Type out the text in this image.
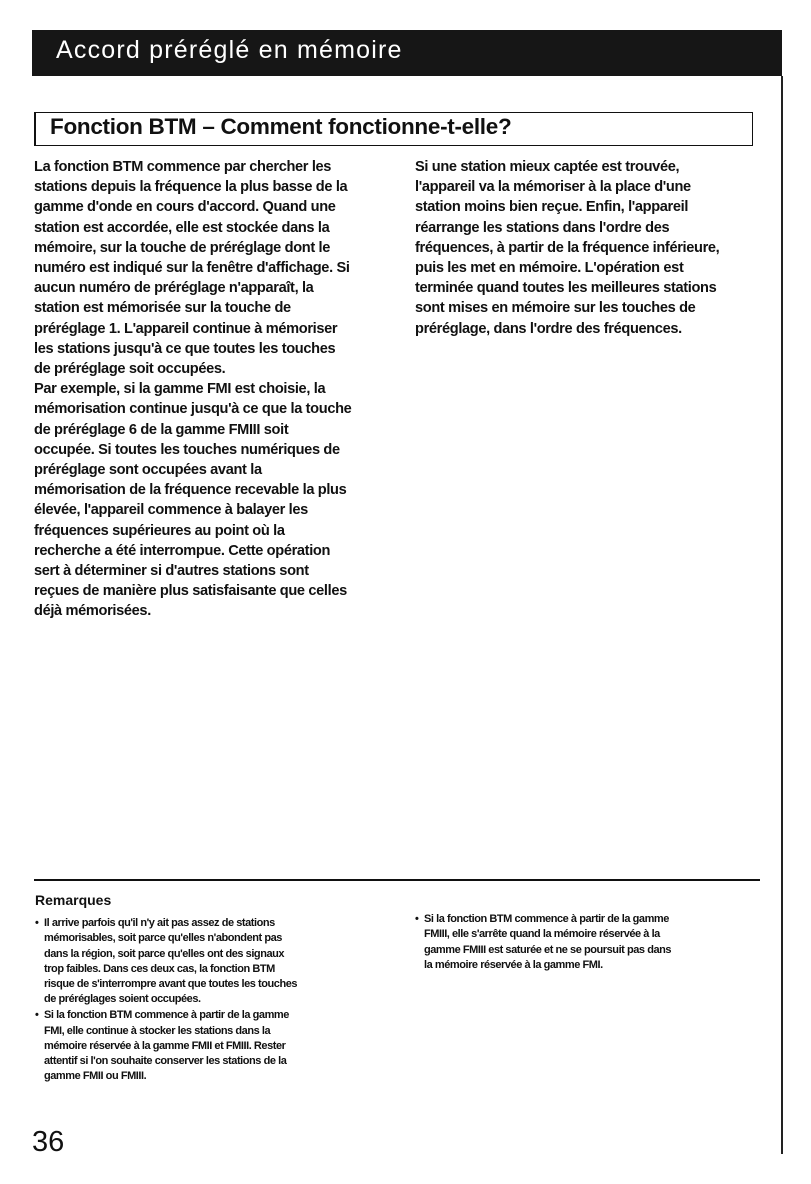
Accord préréglé en mémoire
Fonction BTM – Comment fonctionne-t-elle?

La fonction BTM commence par chercher les

stations depuis la fréquence la plus basse de la

gamme d'onde en cours d'accord. Quand une

station est accordée, elle est stockée dans la

mémoire, sur la touche de préréglage dont le

numéro est indiqué sur la fenêtre d'affichage. Si

aucun numéro de préréglage n'apparaît, la

station est mémorisée sur la touche de

préréglage 1. L'appareil continue à mémoriser

les stations jusqu'à ce que toutes les touches

de préréglage soit occupées.

Par exemple, si la gamme FMI est choisie, la

mémorisation continue jusqu'à ce que la touche

de préréglage 6 de la gamme FMIII soit

occupée. Si toutes les touches numériques de

préréglage sont occupées avant la

mémorisation de la fréquence recevable la plus

élevée, l'appareil commence à balayer les

fréquences supérieures au point où la

recherche a été interrompue. Cette opération

sert à déterminer si d'autres stations sont

reçues de manière plus satisfaisante que celles

déjà mémorisées.

Si une station mieux captée est trouvée,

l'appareil va la mémoriser à la place d'une

station moins bien reçue. Enfin, l'appareil

réarrange les stations dans l'ordre des

fréquences, à partir de la fréquence inférieure,

puis les met en mémoire. L'opération est

terminée quand toutes les meilleures stations

sont mises en mémoire sur les touches de

préréglage, dans l'ordre des fréquences.

Remarques
• Il arrive parfois qu'il n'y ait pas assez de stations

mémorisables, soit parce qu'elles n'abondent pas

dans la région, soit parce qu'elles ont des signaux

trop faibles. Dans ces deux cas, la fonction BTM

risque de s'interrompre avant que toutes les touches

de préréglages soient occupées.

• Si la fonction BTM commence à partir de la gamme

FMI, elle continue à stocker les stations dans la

mémoire réservée à la gamme FMII et FMIII. Rester

attentif si l'on souhaite conserver les stations de la

gamme FMII ou FMIII.

• Si la fonction BTM commence à partir de la gamme

FMIII, elle s'arrête quand la mémoire réservée à la

gamme FMIII est saturée et ne se poursuit pas dans

la mémoire réservée à la gamme FMI.

36
